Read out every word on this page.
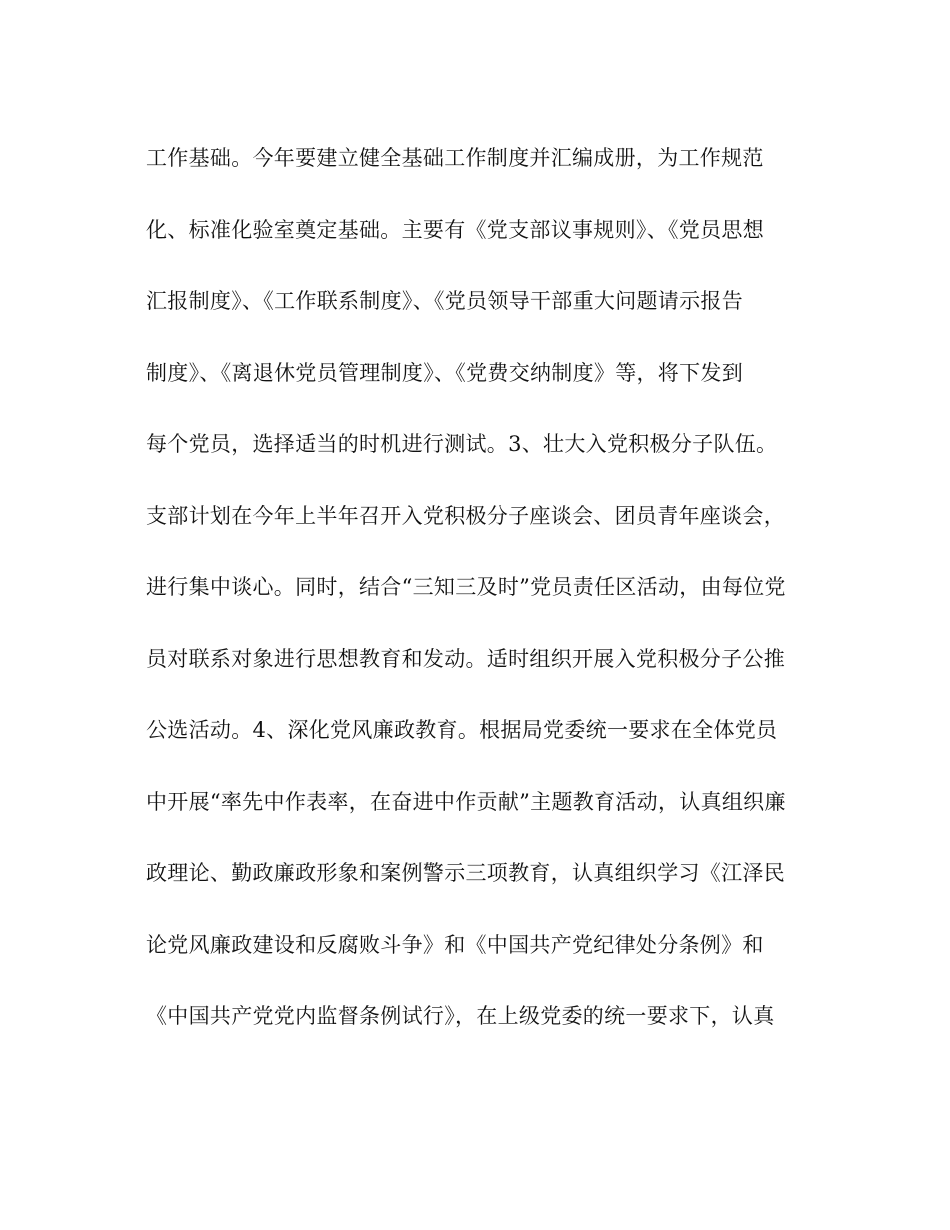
工作基础。今年要建立健全基础工作制度并汇编成册，为工作规范
化、标准化验室奠定基础。主要有《党支部议事规则》、《党员思想
汇报制度》、《工作联系制度》、《党员领导干部重大问题请示报告
制度》、《离退休党员管理制度》、《党费交纳制度》等，将下发到
每个党员，选择适当的时机进行测试。3、壮大入党积极分子队伍。
支部计划在今年上半年召开入党积极分子座谈会、团员青年座谈会，
进行集中谈心。同时，结合“三知三及时”党员责任区活动，由每位党
员对联系对象进行思想教育和发动。适时组织开展入党积极分子公推
公选活动。4、深化党风廉政教育。根据局党委统一要求在全体党员
中开展“率先中作表率，在奋进中作贡献”主题教育活动，认真组织廉
政理论、勤政廉政形象和案例警示三项教育，认真组织学习《江泽民
论党风廉政建设和反腐败斗争》和《中国共产党纪律处分条例》和
《中国共产党党内监督条例试行》，在上级党委的统一要求下，认真
